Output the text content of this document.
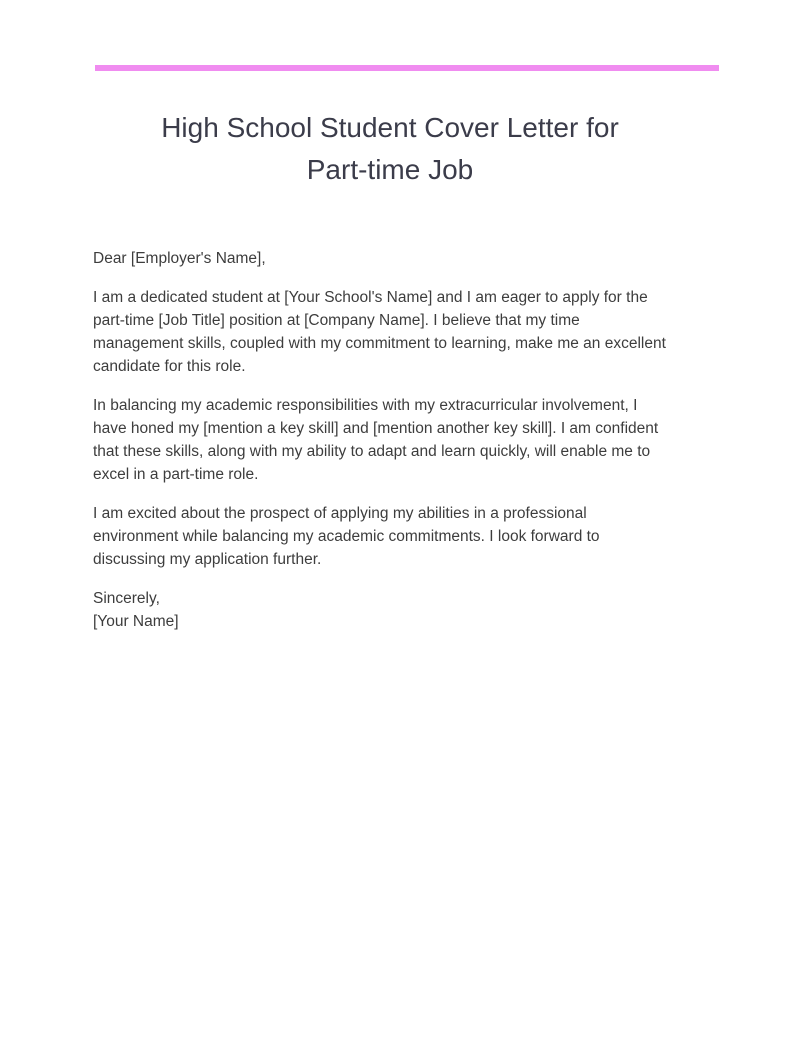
High School Student Cover Letter for
Part-time Job

Dear [Employer's Name],

I am a dedicated student at [Your School's Name] and I am eager to apply for the
part-time [Job Title] position at [Company Name]. I believe that my time
management skills, coupled with my commitment to learning, make me an excellent
candidate for this role.

In balancing my academic responsibilities with my extracurricular involvement, I
have honed my [mention a key skill] and [mention another key skill]. I am confident
that these skills, along with my ability to adapt and learn quickly, will enable me to
excel in a part-time role.

I am excited about the prospect of applying my abilities in a professional
environment while balancing my academic commitments. I look forward to
discussing my application further.

Sincerely,
[Your Name]
